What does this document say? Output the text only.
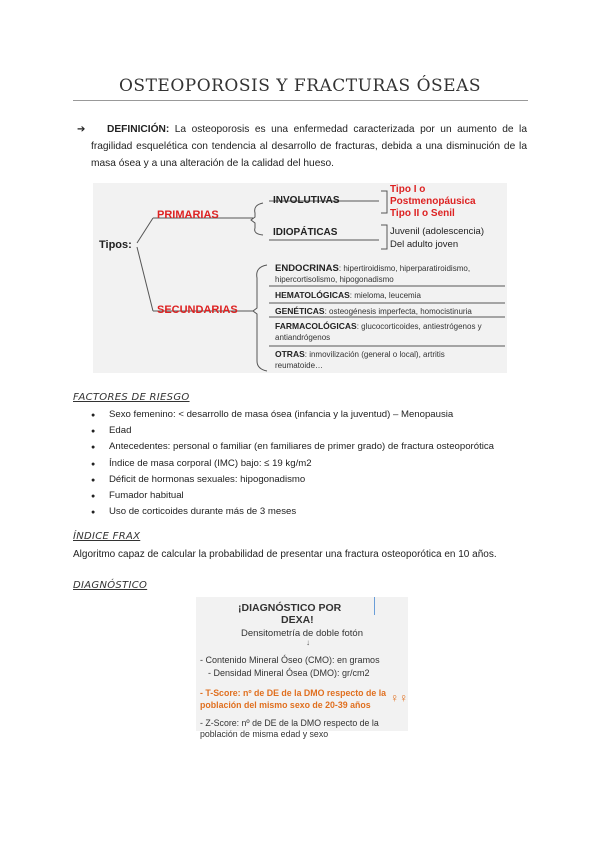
OSTEOPOROSIS Y FRACTURAS ÓSEAS
➔	DEFINICIÓN: La osteoporosis es una enfermedad caracterizada por un aumento de la fragilidad esquelética con tendencia al desarrollo de fracturas, debida a una disminución de la masa ósea y a una alteración de la calidad del hueso.
Tipos:
PRIMARIAS
SECUNDARIAS
INVOLUTIVAS
IDIOPÁTICAS
Tipo I o
Postmenopáusica
Tipo II o Senil
Juvenil (adolescencia)
Del adulto joven
ENDOCRINAS: hipertiroidismo, hiperparatiroidismo,
hipercortisolismo, hipogonadismo
HEMATOLÓGICAS: mieloma, leucemia
GENÉTICAS: osteogénesis imperfecta, homocistinuria
FARMACOLÓGICAS: glucocorticoides, antiestrógenos y
antiandrógenos
OTRAS: inmovilización (general o local), artritis
reumatoide…
FACTORES DE RIESGO
● Sexo femenino: < desarrollo de masa ósea (infancia y la juventud) – Menopausia
● Edad
● Antecedentes: personal o familiar (en familiares de primer grado) de fractura osteoporótica
● Índice de masa corporal (IMC) bajo: ≤ 19 kg/m2
● Déficit de hormonas sexuales: hipogonadismo
● Fumador habitual
● Uso de corticoides durante más de 3 meses
ÍNDICE FRAX
Algoritmo capaz de calcular la probabilidad de presentar una fractura osteoporótica en 10 años.
DIAGNÓSTICO
¡DIAGNÓSTICO POR
DEXA!
Densitometría de doble fotón
↓
- Contenido Mineral Óseo (CMO): en gramos
- Densidad Mineral Ósea (DMO): gr/cm2
- T-Score: nº de DE de la DMO respecto de la
población del mismo sexo de 20-39 años ♀♀
- Z-Score: nº de DE de la DMO respecto de la
población de misma edad y sexo
